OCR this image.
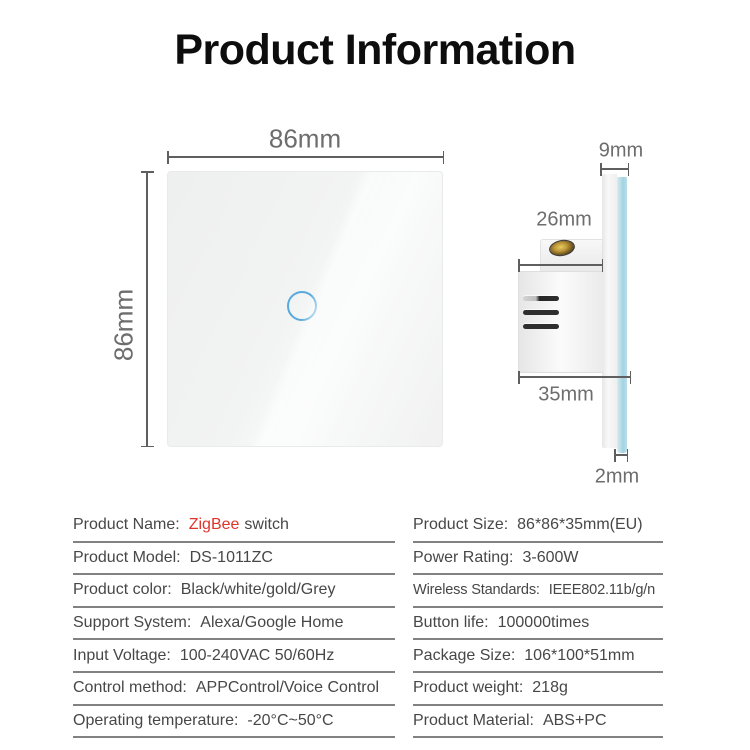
Product Information
86mm
86mm
9mm
26mm
35mm
2mm
Product Name: ZigBee switch
Product Model: DS-1011ZC
Product color: Black/white/gold/Grey
Support System: Alexa/Google Home
Input Voltage: 100-240VAC 50/60Hz
Control method: APPControl/Voice Control
Operating temperature: -20°C~50°C
Product Size: 86*86*35mm(EU)
Power Rating: 3-600W
Wireless Standards: IEEE802.11b/g/n
Button life: 100000times
Package Size: 106*100*51mm
Product weight: 218g
Product Material: ABS+PC
